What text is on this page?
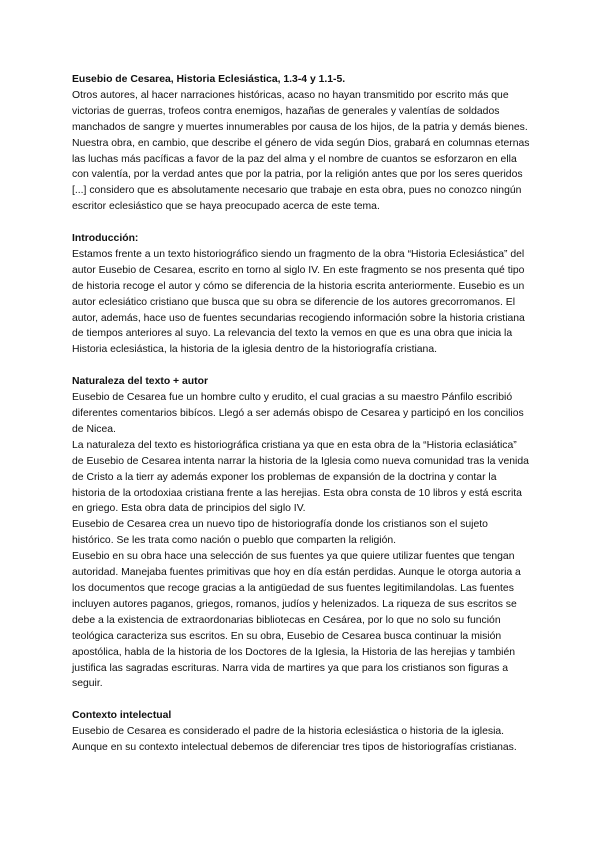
Eusebio de Cesarea, Historia Eclesiástica, 1.3-4 y 1.1-5.

Otros autores, al hacer narraciones históricas, acaso no hayan transmitido por escrito más que victorias de guerras, trofeos contra enemigos, hazañas de generales y valentías de soldados manchados de sangre y muertes innumerables por causa de los hijos, de la patria y demás bienes. Nuestra obra, en cambio, que describe el género de vida según Dios, grabará en columnas eternas las luchas más pacíficas a favor de la paz del alma y el nombre de cuantos se esforzaron en ella con valentía, por la verdad antes que por la patria, por la religión antes que por los seres queridos [...] considero que es absolutamente necesario que trabaje en esta obra, pues no conozco ningún escritor eclesiástico que se haya preocupado acerca de este tema.

Introducción:

Estamos frente a un texto historiográfico siendo un fragmento de la obra “Historia Eclesiástica” del autor Eusebio de Cesarea, escrito en torno al siglo IV. En este fragmento se nos presenta qué tipo de historia recoge el autor y cómo se diferencia de la historia escrita anteriormente. Eusebio es un autor eclesiático cristiano que busca que su obra se diferencie de los autores grecorromanos. El autor, además, hace uso de fuentes secundarias recogiendo información sobre la historia cristiana de tiempos anteriores al suyo. La relevancia del texto la vemos en que es una obra que inicia la Historia eclesiástica, la historia de la iglesia dentro de la historiografía cristiana.

Naturaleza del texto + autor

Eusebio de Cesarea fue un hombre culto y erudito, el cual gracias a su maestro Pánfilo escribió diferentes comentarios bibícos. Llegó a ser además obispo de Cesarea y participó en los concilios de Nicea.

La naturaleza del texto es historiográfica cristiana ya que en esta obra de la “Historia eclasiática” de Eusebio de Cesarea intenta narrar la historia de la Iglesia como nueva comunidad tras la venida de Cristo a la tierr ay además exponer los problemas de expansión de la doctrina y contar la historia de la ortodoxiaa cristiana frente a las herejias. Esta obra consta de 10 libros y está escrita en griego. Esta obra data de principios del siglo IV.

Eusebio de Cesarea crea un nuevo tipo de historiografía donde los cristianos son el sujeto histórico. Se les trata como nación o pueblo que comparten la religión.

Eusebio en su obra hace una selección de sus fuentes ya que quiere utilizar fuentes que tengan autoridad. Manejaba fuentes primitivas que hoy en día están perdidas. Aunque le otorga autoria a los documentos que recoge gracias a la antigüedad de sus fuentes legitimilandolas. Las fuentes incluyen autores paganos, griegos, romanos, judíos y helenizados. La riqueza de sus escritos se debe a la existencia de extraordonarias bibliotecas en Cesárea, por lo que no solo su función teológica caracteriza sus escritos. En su obra, Eusebio de Cesarea busca continuar la misión apostólica, habla de la historia de los Doctores de la Iglesia, la Historia de las herejias y también justifica las sagradas escrituras. Narra vida de martires ya que para los cristianos son figuras a seguir.

Contexto intelectual

Eusebio de Cesarea es considerado el padre de la historia eclesiástica o historia de la iglesia. Aunque en su contexto intelectual debemos de diferenciar tres tipos de historiografías cristianas.
